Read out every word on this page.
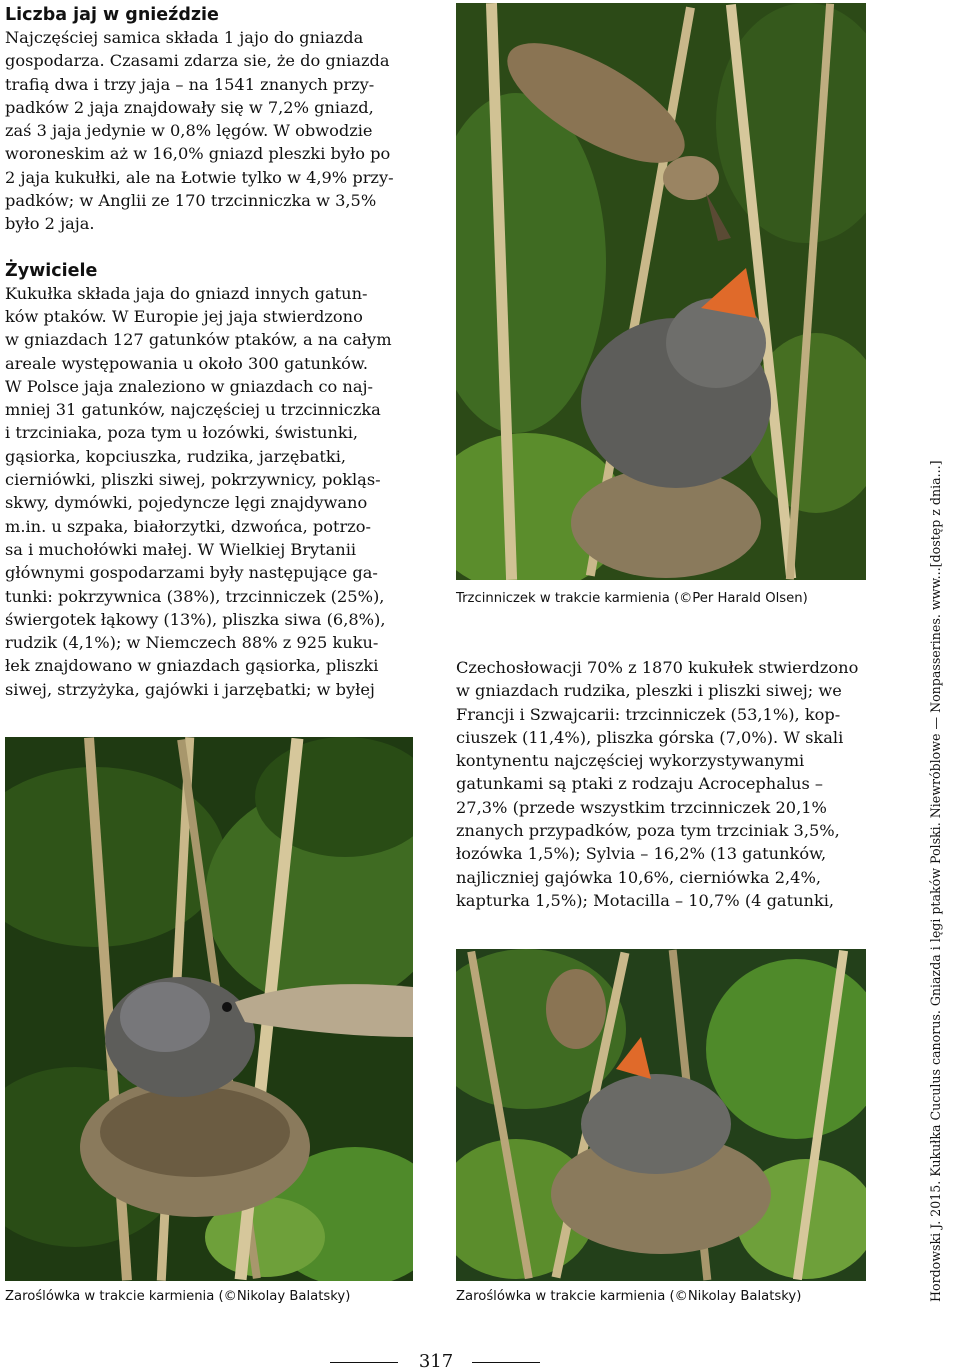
Liczba jaj w gnieździe
Najczęściej samica składa 1 jajo do gniazda
gospodarza. Czasami zdarza sie, że do gniazda
trafią dwa i trzy jaja – na 1541 znanych przy-
padków 2 jaja znajdowały się w 7,2% gniazd,
zaś 3 jaja jedynie w 0,8% lęgów. W obwodzie
woroneskim aż w 16,0% gniazd pleszki było po
2 jaja kukułki, ale na Łotwie tylko w 4,9% przy-
padków; w Anglii ze 170 trzcinniczka w 3,5%
było 2 jaja.
Żywiciele
Kukułka składa jaja do gniazd innych gatun-
ków ptaków. W Europie jej jaja stwierdzono
w gniazdach 127 gatunków ptaków, a na całym
areale występowania u około 300 gatunków.
W Polsce jaja znaleziono w gniazdach co naj-
mniej 31 gatunków, najczęściej u trzcinniczka
i trzciniaka, poza tym u łozówki, świstunki,
gąsiorka, kopciuszka, rudzika, jarzębatki,
cierniówki, pliszki siwej, pokrzywnicy, pokląs-
skwy, dymówki, pojedyncze lęgi znajdywano
m.in. u szpaka, białorzytki, dzwońca, potrzo-
sa i muchołówki małej. W Wielkiej Brytanii
głównymi gospodarzami były następujące ga-
tunki: pokrzywnica (38%), trzcinniczek (25%),
świergotek łąkowy (13%), pliszka siwa (6,8%),
rudzik (4,1%); w Niemczech 88% z 925 kuku-
łek znajdowano w gniazdach gąsiorka, pliszki
siwej, strzyżyka, gajówki i jarzębatki; w byłej
Zaroślówka w trakcie karmienia (©Nikolay Balatsky)
Trzcinniczek w trakcie karmienia (©Per Harald Olsen)
Czechosłowacji 70% z 1870 kukułek stwierdzono
w gniazdach rudzika, pleszki i pliszki siwej; we
Francji i Szwajcarii: trzcinniczek (53,1%), kop-
ciuszek (11,4%), pliszka górska (7,0%). W skali
kontynentu najczęściej wykorzystywanymi
gatunkami są ptaki z rodzaju Acrocephalus –
27,3% (przede wszystkim trzcinniczek 20,1%
znanych przypadków, poza tym trzciniak 3,5%,
łozówka 1,5%); Sylvia – 16,2% (13 gatunków,
najliczniej gajówka 10,6%, cierniówka 2,4%,
kapturka 1,5%); Motacilla – 10,7% (4 gatunki,
Zaroślówka w trakcie karmienia (©Nikolay Balatsky)
317
Hordowski J. 2015. Kukułka Cuculus canorus. Gniazda i lęgi ptaków Polski. Niewróblowe — Nonpasserines. www...[dostęp z dnia...]
